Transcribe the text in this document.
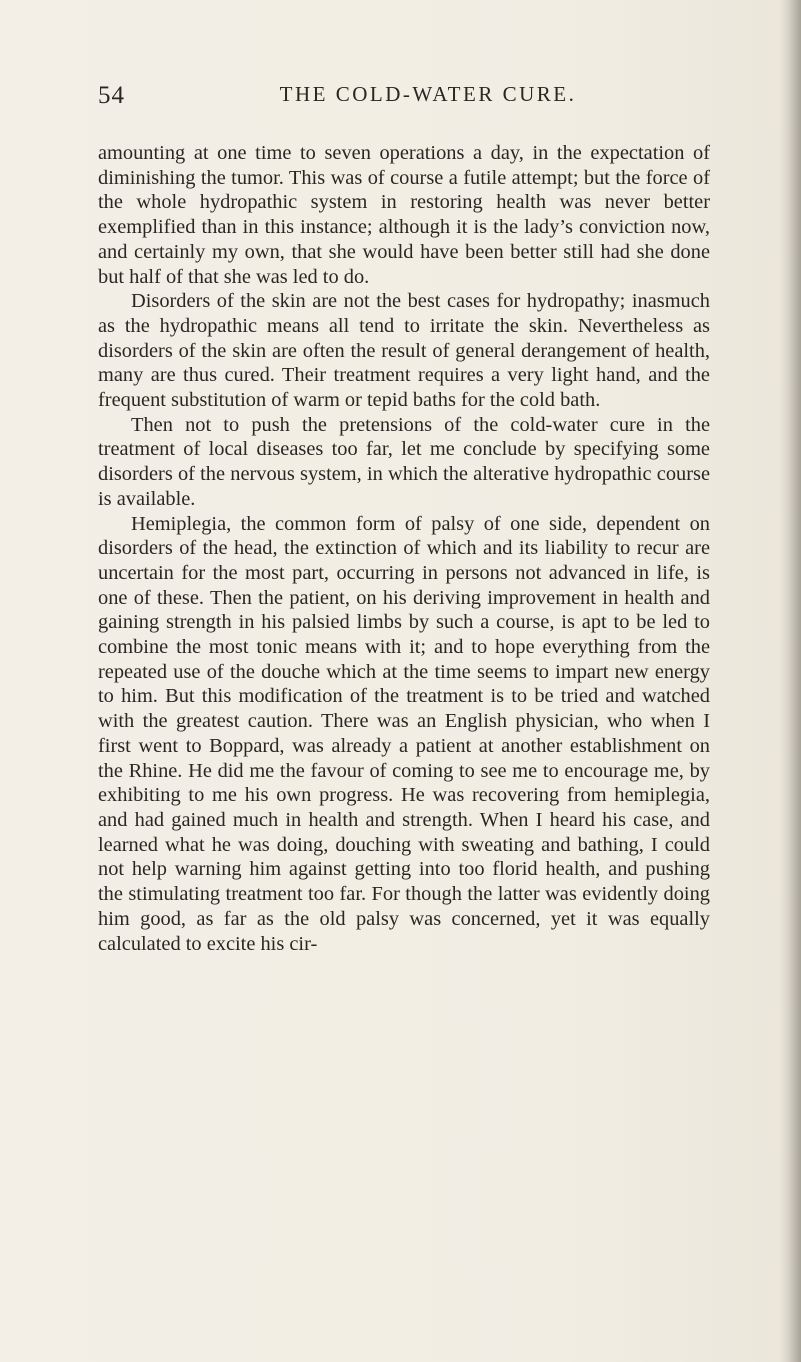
54	THE COLD-WATER CURE.

amounting at one time to seven operations a day, in the expectation of diminishing the tumor. This was of course a futile attempt; but the force of the whole hydropathic system in restoring health was never better exemplified than in this instance; although it is the lady’s conviction now, and certainly my own, that she would have been better still had she done but half of that she was led to do.

Disorders of the skin are not the best cases for hydropathy; inasmuch as the hydropathic means all tend to irritate the skin. Nevertheless as disorders of the skin are often the result of general derangement of health, many are thus cured. Their treatment requires a very light hand, and the frequent substitution of warm or tepid baths for the cold bath.

Then not to push the pretensions of the cold-water cure in the treatment of local diseases too far, let me conclude by specifying some disorders of the nervous system, in which the alterative hydropathic course is available.

Hemiplegia, the common form of palsy of one side, dependent on disorders of the head, the extinction of which and its liability to recur are uncertain for the most part, occurring in persons not advanced in life, is one of these. Then the patient, on his deriving improvement in health and gaining strength in his palsied limbs by such a course, is apt to be led to combine the most tonic means with it; and to hope everything from the repeated use of the douche which at the time seems to impart new energy to him. But this modification of the treatment is to be tried and watched with the greatest caution. There was an English physician, who when I first went to Boppard, was already a patient at another establishment on the Rhine. He did me the favour of coming to see me to encourage me, by exhibiting to me his own progress. He was recovering from hemiplegia, and had gained much in health and strength. When I heard his case, and learned what he was doing, douching with sweating and bathing, I could not help warning him against getting into too florid health, and pushing the stimulating treatment too far. For though the latter was evidently doing him good, as far as the old palsy was concerned, yet it was equally calculated to excite his cir-
